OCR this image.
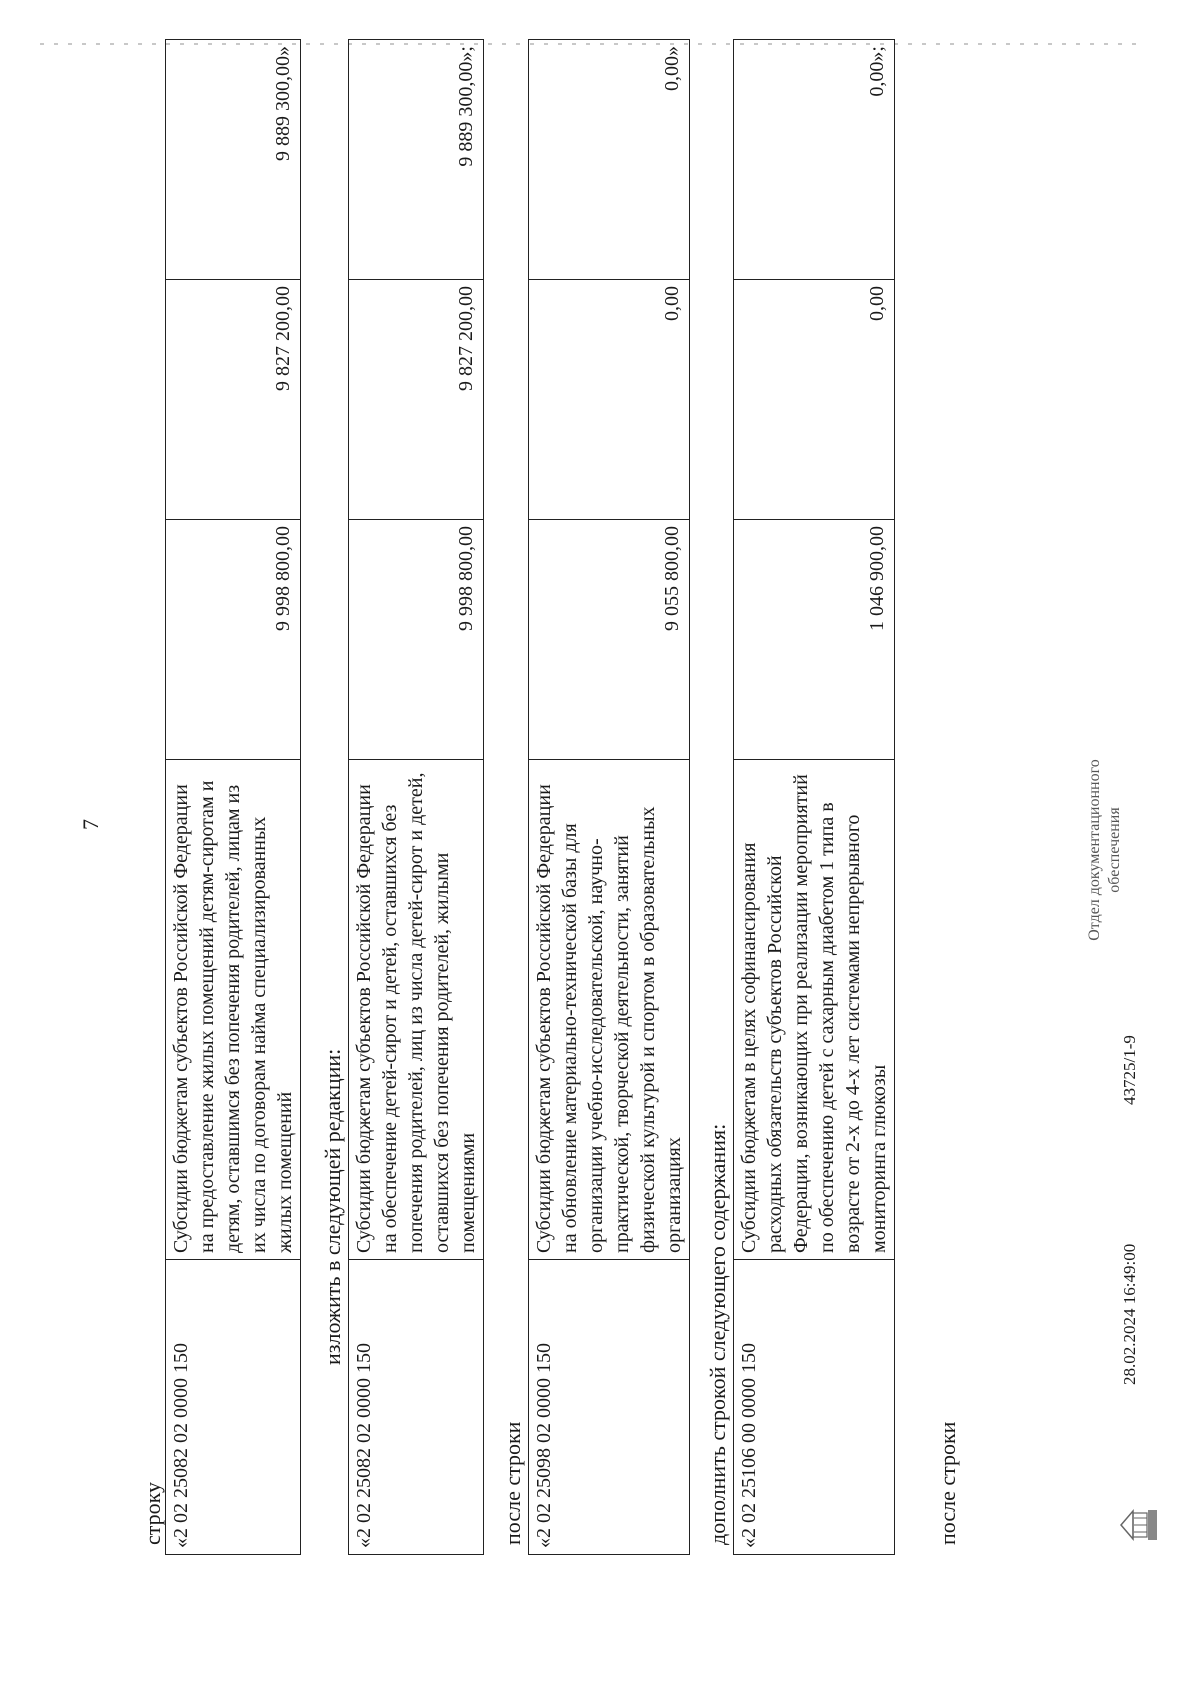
7
строку «2 02 25082 02 0000 150	Субсидии бюджетам субъектов Российской Федерации на предоставление жилых помещений детям-сиротам и детям, оставшимся без попечения родителей, лицам из их числа по договорам найма специализированных жилых помещений	9 998 800,00	9 827 200,00	9 889 300,00»
изложить в следующей редакции:
«2 02 25082 02 0000 150	Субсидии бюджетам субъектов Российской Федерации на обеспечение детей-сирот и детей, оставшихся без попечения родителей, лиц из числа детей-сирот и детей, оставшихся без попечения родителей, жилыми помещениями	9 998 800,00	9 827 200,00	9 889 300,00»;
после строки «2 02 25098 02 0000 150	Субсидии бюджетам субъектов Российской Федерации на обновление материально-технической базы для организации учебно-исследовательской, научно-практической, творческой деятельности, занятий физической культурой и спортом в образовательных организациях	9 055 800,00	0,00	0,00»
дополнить строкой следующего содержания: «2 02 25106 00 0000 150	Субсидии бюджетам в целях софинансирования расходных обязательств субъектов Российской Федерации, возникающих при реализации мероприятий по обеспечению детей с сахарным диабетом 1 типа в возрасте от 2-х до 4-х лет системами непрерывного мониторинга глюкозы	1 046 900,00	0,00	0,00»;
после строки
28.02.2024 16:49:00
43725/1-9
Отдел документационного обеспечения
